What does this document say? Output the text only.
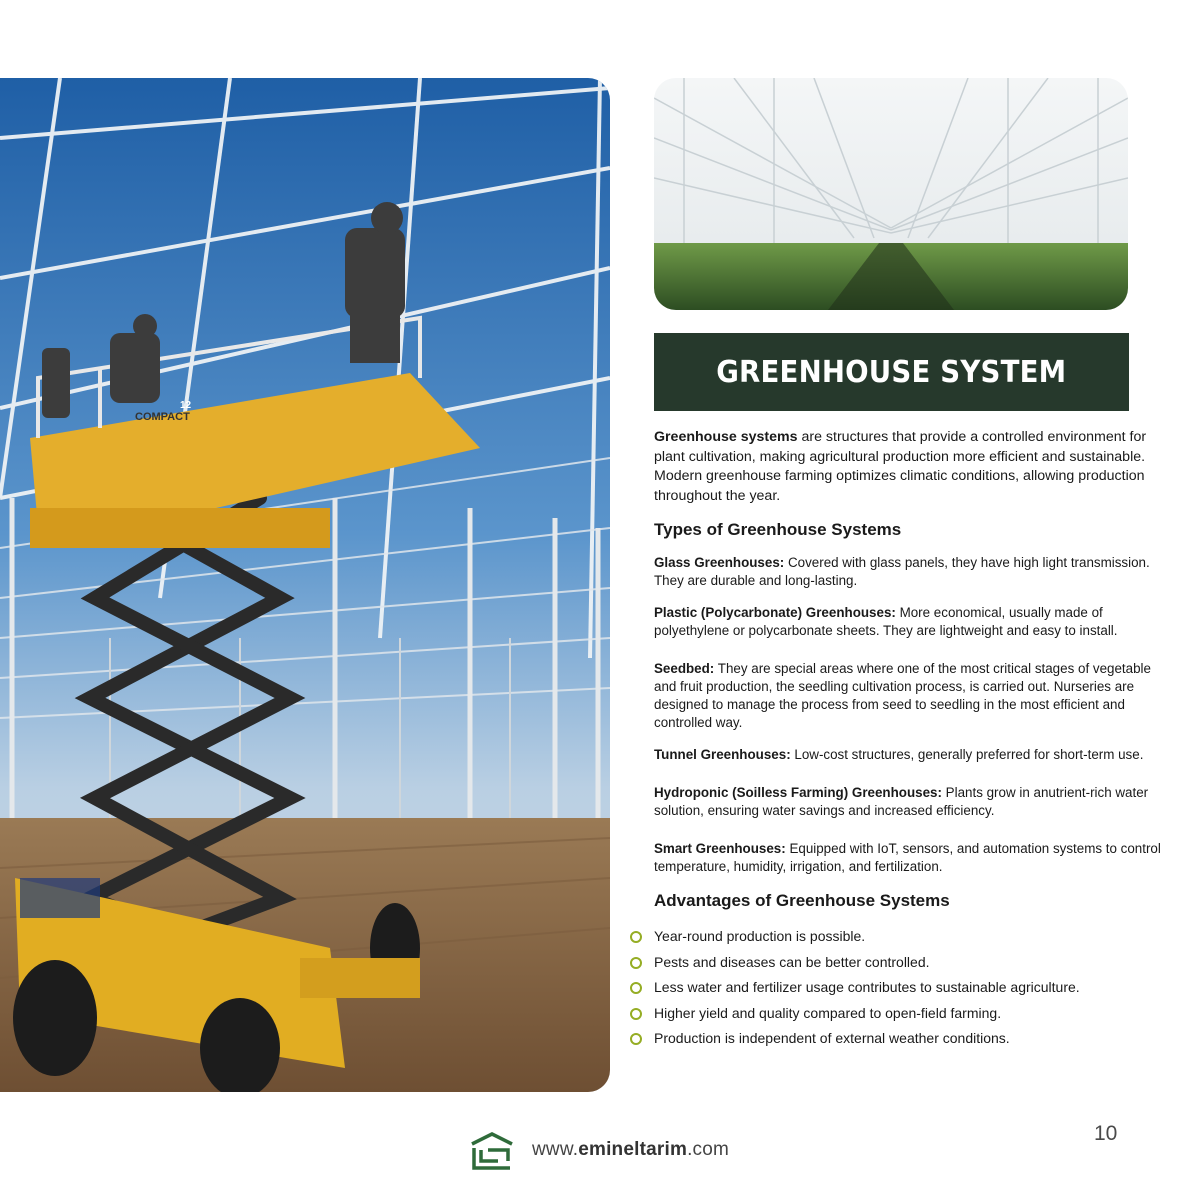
COMPACT
12
GREENHOUSE SYSTEM

Greenhouse systems are structures that provide a controlled environment for plant cultivation, making agricultural production more efficient and sustainable. Modern greenhouse farming optimizes climatic conditions, allowing production throughout the year.

Types of Greenhouse Systems
Glass Greenhouses: Covered with glass panels, they have high light transmission. They are durable and long-lasting.
Plastic (Polycarbonate) Greenhouses: More economical, usually made of polyethylene or polycarbonate sheets. They are lightweight and easy to install.
Seedbed: They are special areas where one of the most critical stages of vegetable and fruit production, the seedling cultivation process, is carried out. Nurseries are designed to manage the process from seed to seedling in the most efficient and controlled way.
Tunnel Greenhouses: Low-cost structures, generally preferred for short-term use.
Hydroponic (Soilless Farming) Greenhouses: Plants grow in anutrient-rich water solution, ensuring water savings and increased efficiency.
Smart Greenhouses: Equipped with IoT, sensors, and automation systems to control temperature, humidity, irrigation, and fertilization.
Advantages of Greenhouse Systems
Year-round production is possible.
Pests and diseases can be better controlled.
Less water and fertilizer usage contributes to sustainable agriculture.
Higher yield and quality compared to open-field farming.
Production is independent of external weather conditions.
10
www.emineltarim.com
